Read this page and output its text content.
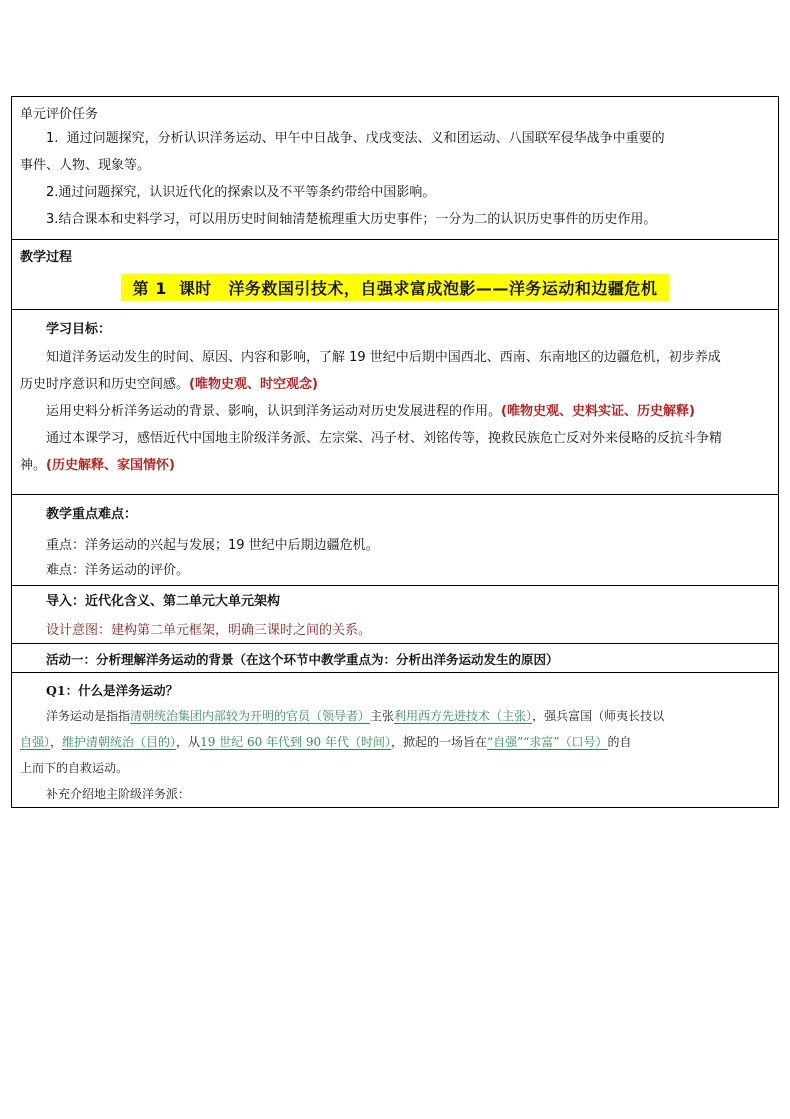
单元评价任务

1. 通过问题探究，分析认识洋务运动、甲午中日战争、戊戌变法、义和团运动、八国联军侵华战争中重要的

事件、人物、现象等。

2.通过问题探究，认识近代化的探索以及不平等条约带给中国影响。

3.结合课本和史料学习，可以用历史时间轴清楚梳理重大历史事件；一分为二的认识历史事件的历史作用。

教学过程

第 1 课时　洋务救国引技术，自强求富成泡影——洋务运动和边疆危机

学习目标：

知道洋务运动发生的时间、原因、内容和影响，了解 19 世纪中后期中国西北、西南、东南地区的边疆危机，初步养成

历史时序意识和历史空间感。(唯物史观、时空观念)

运用史料分析洋务运动的背景、影响，认识到洋务运动对历史发展进程的作用。(唯物史观、史料实证、历史解释)

通过本课学习，感悟近代中国地主阶级洋务派、左宗棠、冯子材、刘铭传等，挽救民族危亡反对外来侵略的反抗斗争精

神。(历史解释、家国情怀)

教学重点难点：

重点：洋务运动的兴起与发展；19 世纪中后期边疆危机。

难点：洋务运动的评价。

导入：近代化含义、第二单元大单元架构

设计意图：建构第二单元框架，明确三课时之间的关系。

活动一：分析理解洋务运动的背景（在这个环节中教学重点为：分析出洋务运动发生的原因）

Q1：什么是洋务运动？

洋务运动是指指清朝统治集团内部较为开明的官员（领导者）主张利用西方先进技术（主张），强兵富国（师夷长技以

自强），维护清朝统治（目的），从19 世纪 60 年代到 90 年代（时间），掀起的一场旨在“自强”“求富”（口号）的自

上而下的自救运动。

补充介绍地主阶级洋务派：
